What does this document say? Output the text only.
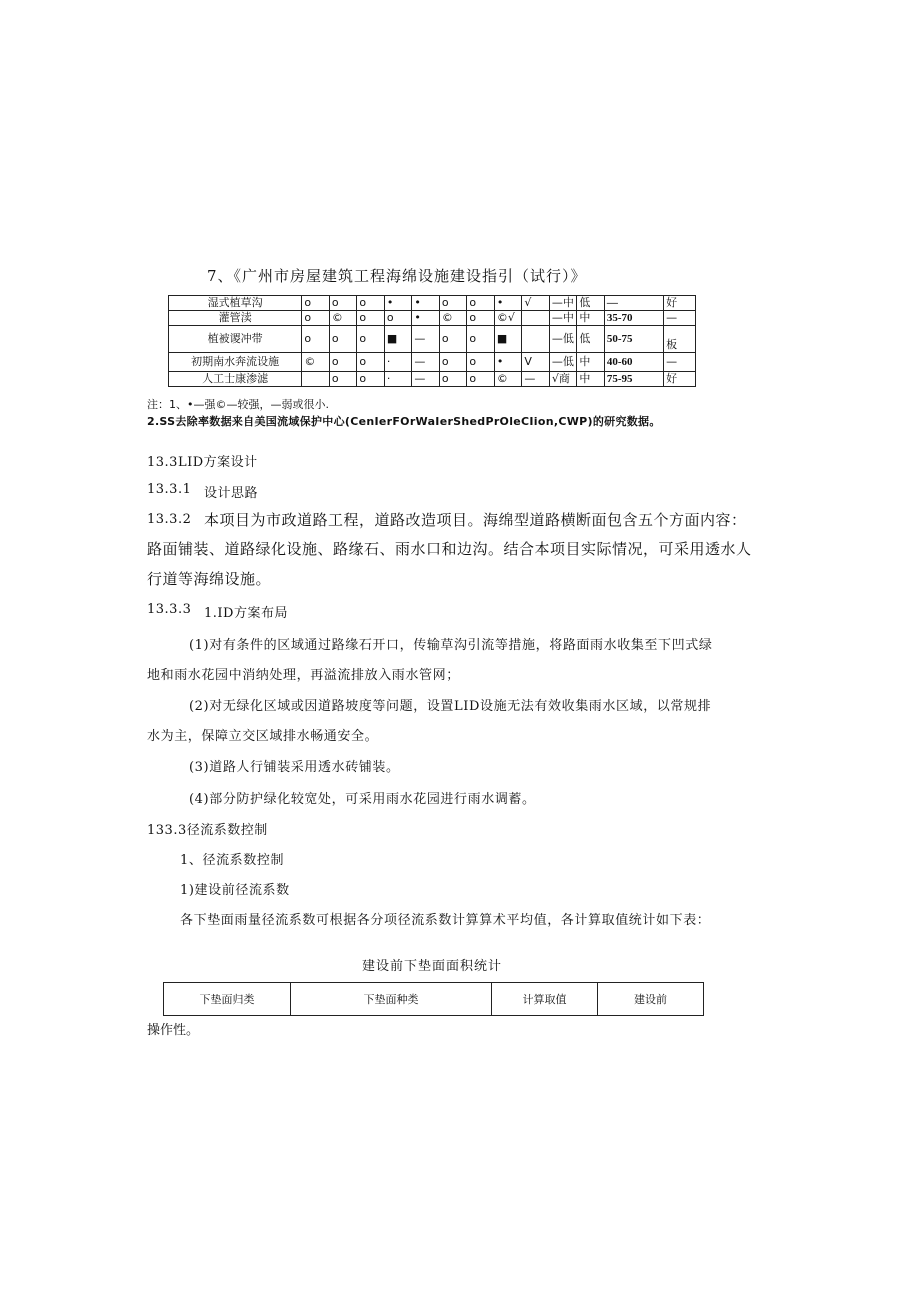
7、《广州市房屋建筑工程海绵设施建设指引（试行）》
湿式植草沟	o	o	o	•	•	o	o	•	√	—中	低	—	好
灌管渎	o	©	o	o	•	©	o	©√		—中	中	35-70	—
植被谡冲带	o	o	o	■	—	o	o	■		—低	低	50-75	板
初期南水奔流设施	©	o	o	·	—	o	o	•	V	—低	中	40-60	—
人工士康渗滤		o	o	·	—	o	o	©	—	√商	中	75-95	好
注：1、•—强©—较强，—弱或很小.
2.SS去除率数据来自美国流域保护中心(CenIerFOrWaIerShedPrOleCIion,CWP)的研究数据。
13.3LID方案设计
13.3.1 设计思路
13.3.2 本项目为市政道路工程，道路改造项目。海绵型道路横断面包含五个方面内容：
路面铺装、道路绿化设施、路缘石、雨水口和边沟。结合本项目实际情况，可采用透水人
行道等海绵设施。
13.3.3 1.ID方案布局
(1)对有条件的区域通过路缘石开口，传输草沟引流等措施，将路面雨水收集至下凹式绿
地和雨水花园中消纳处理，再溢流排放入雨水管网；
(2)对无绿化区域或因道路坡度等问题，设置LID设施无法有效收集雨水区域，以常规排
水为主，保障立交区域排水畅通安全。
(3)道路人行铺装采用透水砖铺装。
(4)部分防护绿化较宽处，可采用雨水花园进行雨水调蓄。
133.3径流系数控制
1、径流系数控制
1)建设前径流系数
各下垫面雨量径流系数可根据各分项径流系数计算算术平均值，各计算取值统计如下表：
建设前下垫面面积统计
下垫面归类	下垫面种类	计算取值	建设前
操作性。
